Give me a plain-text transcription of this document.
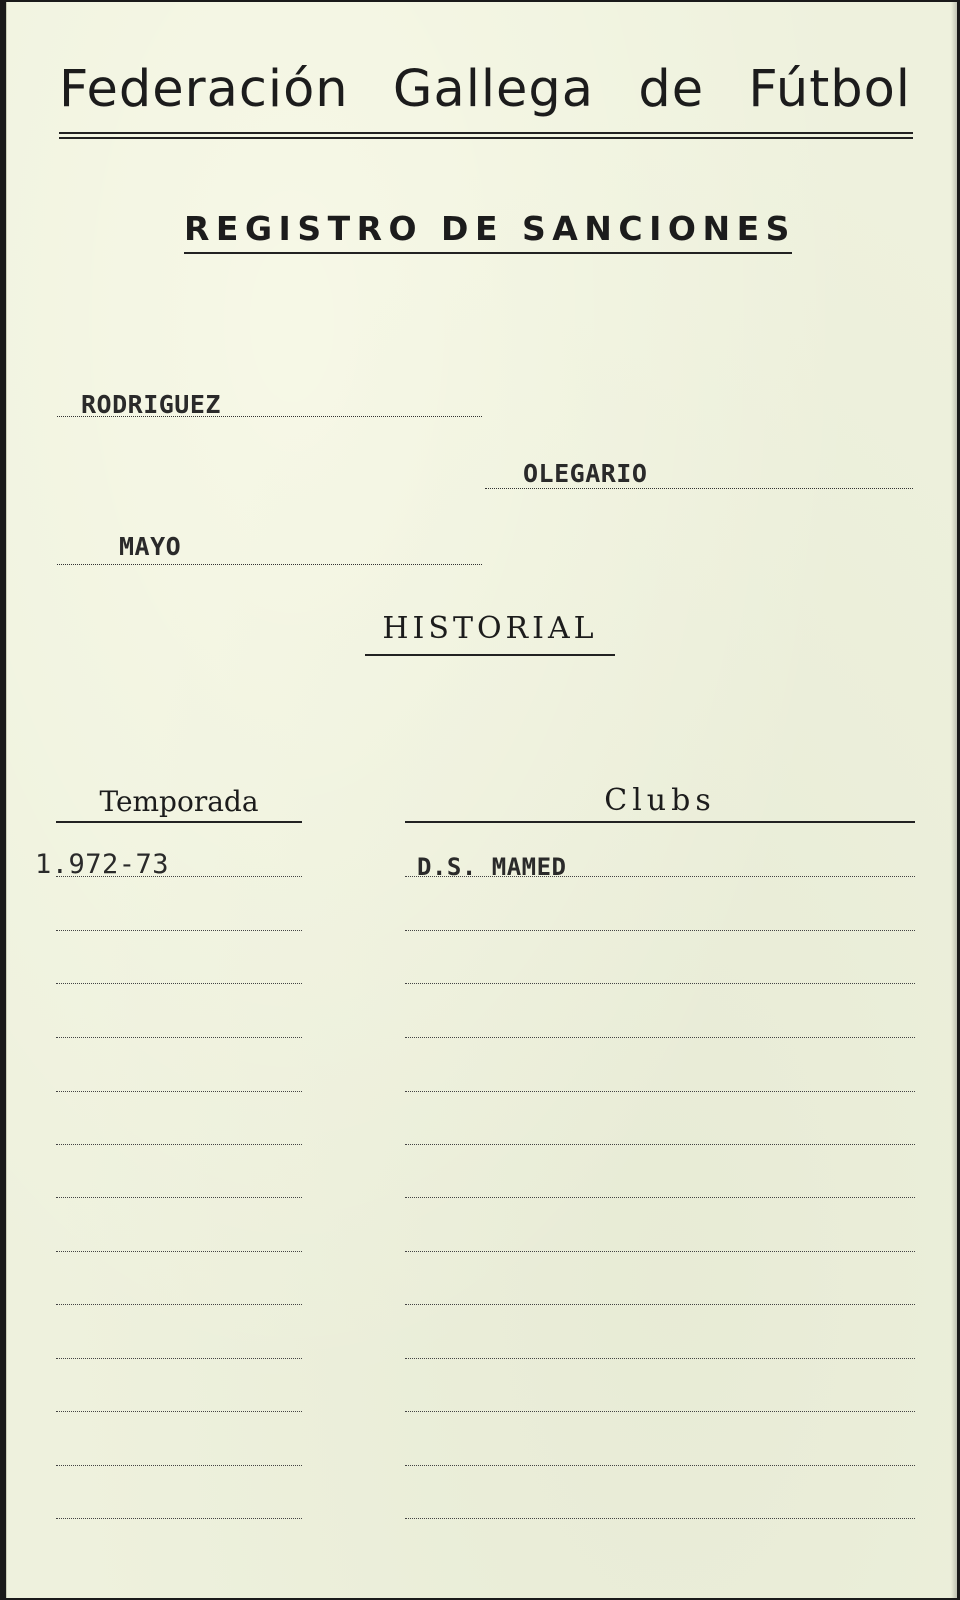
Federación Gallega de Fútbol
REGISTRO DE SANCIONES
RODRIGUEZ
OLEGARIO
MAYO
HISTORIAL
Temporada	Clubs
1.972-73	D.S. MAMED
